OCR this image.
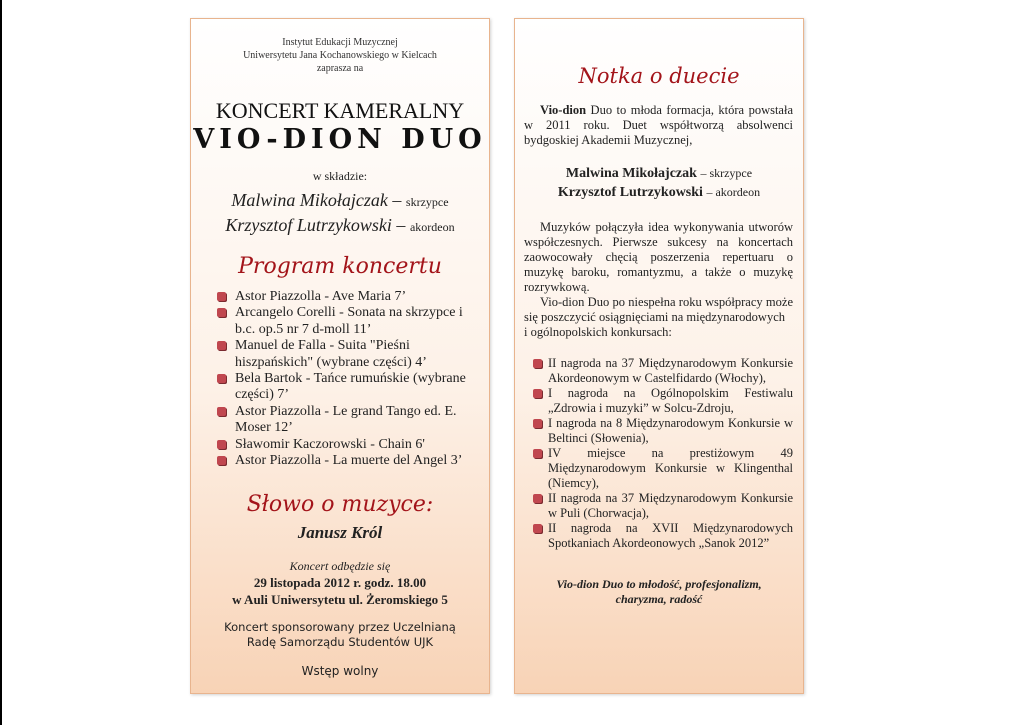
Instytut Edukacji Muzycznej
Uniwersytetu Jana Kochanowskiego w Kielcach
zaprasza na
KONCERT KAMERALNY
VIO-DION DUO
w składzie:
Malwina Mikołajczak – skrzypce
Krzysztof Lutrzykowski – akordeon
Program koncertu
Astor Piazzolla - Ave Maria 7’
Arcangelo Corelli - Sonata na skrzypce i b.c. op.5 nr 7 d-moll 11’
Manuel de Falla - Suita "Pieśni hiszpańskich" (wybrane części) 4’
Bela Bartok - Tańce rumuńskie (wybrane części) 7’
Astor Piazzolla - Le grand Tango ed. E. Moser 12’
Sławomir Kaczorowski - Chain 6'
Astor Piazzolla - La muerte del Angel 3’
Słowo o muzyce:
Janusz Król
Koncert odbędzie się
29 listopada 2012 r. godz. 18.00
w Auli Uniwersytetu ul. Żeromskiego 5
Koncert sponsorowany przez Uczelnianą
Radę Samorządu Studentów UJK
Wstęp wolny
Notka o duecie

Vio-dion Duo to młoda formacja, która powstała w 2011 roku. Duet współtworzą absolwenci bydgoskiej Akademii Muzycznej,

Malwina Mikołajczak – skrzypce
Krzysztof Lutrzykowski – akordeon

Muzyków połączyła idea wykonywania utworów współczesnych. Pierwsze sukcesy na koncertach zaowocowały chęcią poszerzenia repertuaru o muzykę baroku, romantyzmu, a także o muzykę rozrywkową.

Vio-dion Duo po niespełna roku współpracy może się poszczycić osiągnięciami na międzynarodowych

i ogólnopolskich konkursach:

II nagroda na 37 Międzynarodowym Konkursie Akordeonowym w Castelfidardo (Włochy),
I nagroda na Ogólnopolskim Festiwalu „Zdrowia i muzyki” w Solcu-Zdroju,
I nagroda na 8 Międzynarodowym Konkursie w Beltinci (Słowenia),
IV miejsce na prestiżowym 49 Międzynarodowym Konkursie w Klingenthal (Niemcy),
II nagroda na 37 Międzynarodowym Konkursie w Puli (Chorwacja),
II nagroda na XVII Międzynarodowych Spotkaniach Akordeonowych „Sanok 2012”
Vio-dion Duo to młodość, profesjonalizm,
charyzma, radość
